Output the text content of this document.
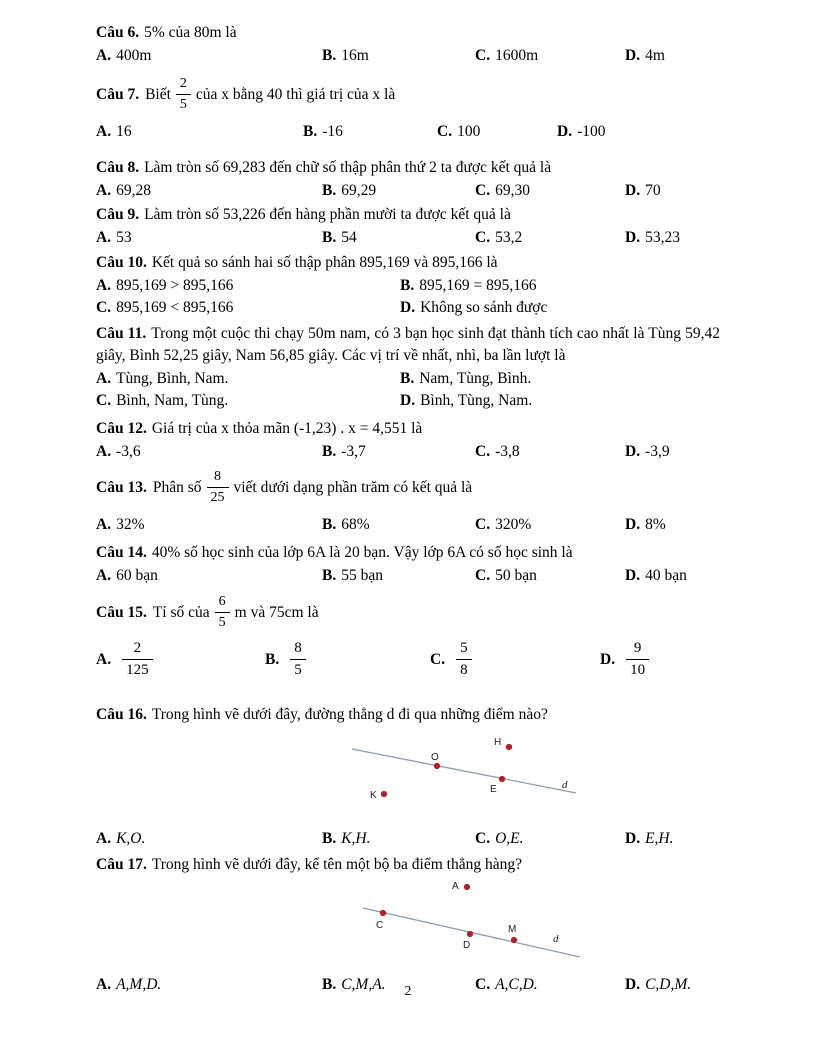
Câu 6. 5% của 80m là

A. 400m	B. 16m	C. 1600m	D. 4m

Câu 7. Biết $\frac{2}{5}$ của x bằng 40 thì giá trị của x là

A. 16	B. -16	C. 100	D. -100

Câu 8. Làm tròn số 69,283 đến chữ số thập phân thứ 2 ta được kết quả là

A. 69,28	B. 69,29	C. 69,30	D. 70

Câu 9. Làm tròn số 53,226 đến hàng phần mười ta được kết quả là

A. 53	B. 54	C. 53,2	D. 53,23

Câu 10. Kết quả so sánh hai số thập phân 895,169 và 895,166 là

A. 895,169 > 895,166	B. 895,169 = 895,166

C. 895,169 < 895,166	D. Không so sánh được

Câu 11. Trong một cuộc thi chạy 50m nam, có 3 bạn học sinh đạt thành tích cao nhất là Tùng 59,42 giây, Bình 52,25 giây, Nam 56,85 giây. Các vị trí về nhất, nhì, ba lần lượt là

A. Tùng, Bình, Nam.	B. Nam, Tùng, Bình.

C. Bình, Nam, Tùng.	D. Bình, Tùng, Nam.

Câu 12. Giá trị của x thỏa mãn (-1,23) . x = 4,551 là

A. -3,6	B. -3,7	C. -3,8	D. -3,9

Câu 13. Phân số $\frac{8}{25}$ viết dưới dạng phần trăm có kết quả là

A. 32%	B. 68%	C. 320%	D. 8%

Câu 14. 40% số học sinh của lớp 6A là 20 bạn. Vậy lớp 6A có số học sinh là

A. 60 bạn	B. 55 bạn	C. 50 bạn	D. 40 bạn

Câu 15. Tỉ số của $\frac{6}{5}$ m và 75cm là

A. $\frac{2}{125}$	B. $\frac{8}{5}$	C. $\frac{5}{8}$	D. $\frac{9}{10}$

Câu 16. Trong hình vẽ dưới đây, đường thẳng d đi qua những điểm nào?

H
O
E
K
d

A. K,O.	B. K,H.	C. O,E.	D. E,H.

Câu 17. Trong hình vẽ dưới đây, kể tên một bộ ba điểm thẳng hàng?

A
C
D
M
d

A. A,M,D.	B. C,M,A.	C. A,C,D.	D. C,D,M.

2
